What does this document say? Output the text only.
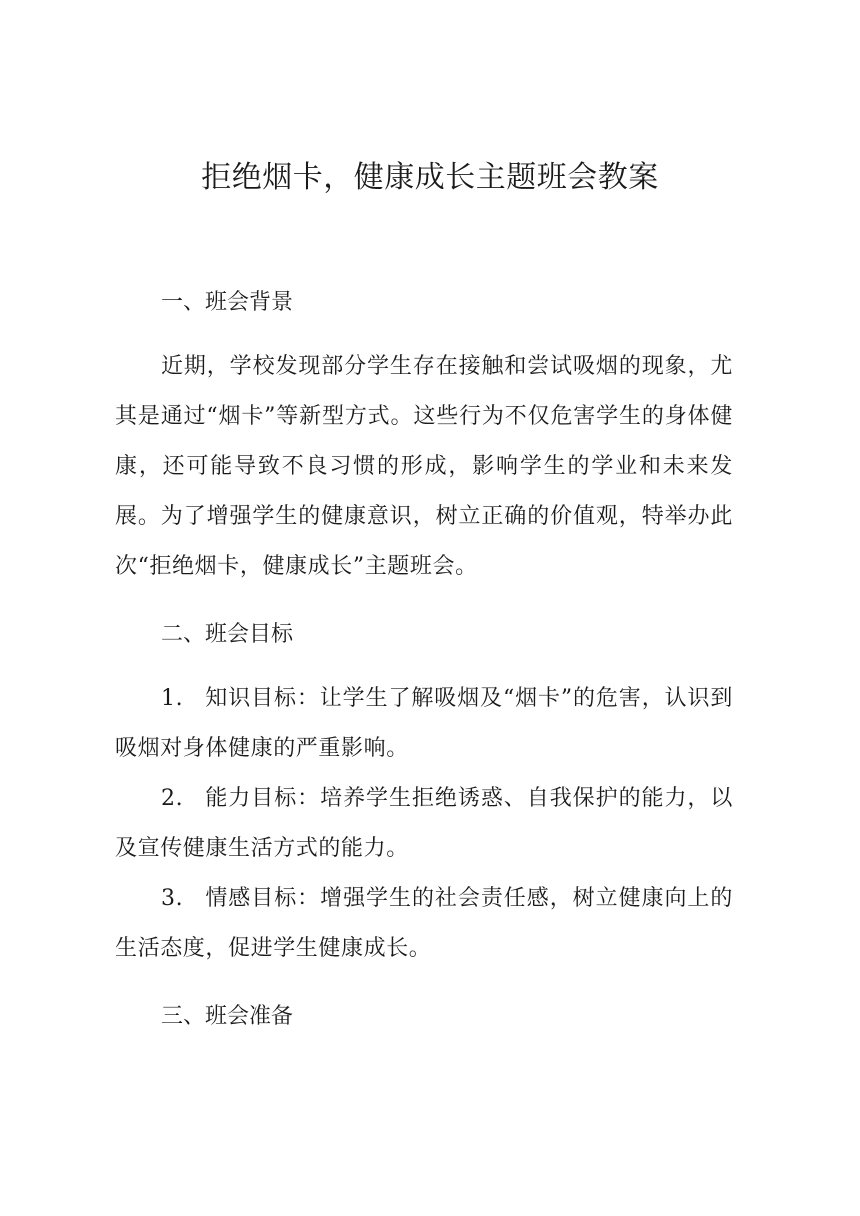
拒绝烟卡，健康成长主题班会教案
一、班会背景

近期，学校发现部分学生存在接触和尝试吸烟的现象，尤其是通过“烟卡”等新型方式。这些行为不仅危害学生的身体健康，还可能导致不良习惯的形成，影响学生的学业和未来发展。为了增强学生的健康意识，树立正确的价值观，特举办此次“拒绝烟卡，健康成长”主题班会。

二、班会目标

1. 知识目标：让学生了解吸烟及“烟卡”的危害，认识到吸烟对身体健康的严重影响。

2. 能力目标：培养学生拒绝诱惑、自我保护的能力，以及宣传健康生活方式的能力。

3. 情感目标：增强学生的社会责任感，树立健康向上的生活态度，促进学生健康成长。

三、班会准备
